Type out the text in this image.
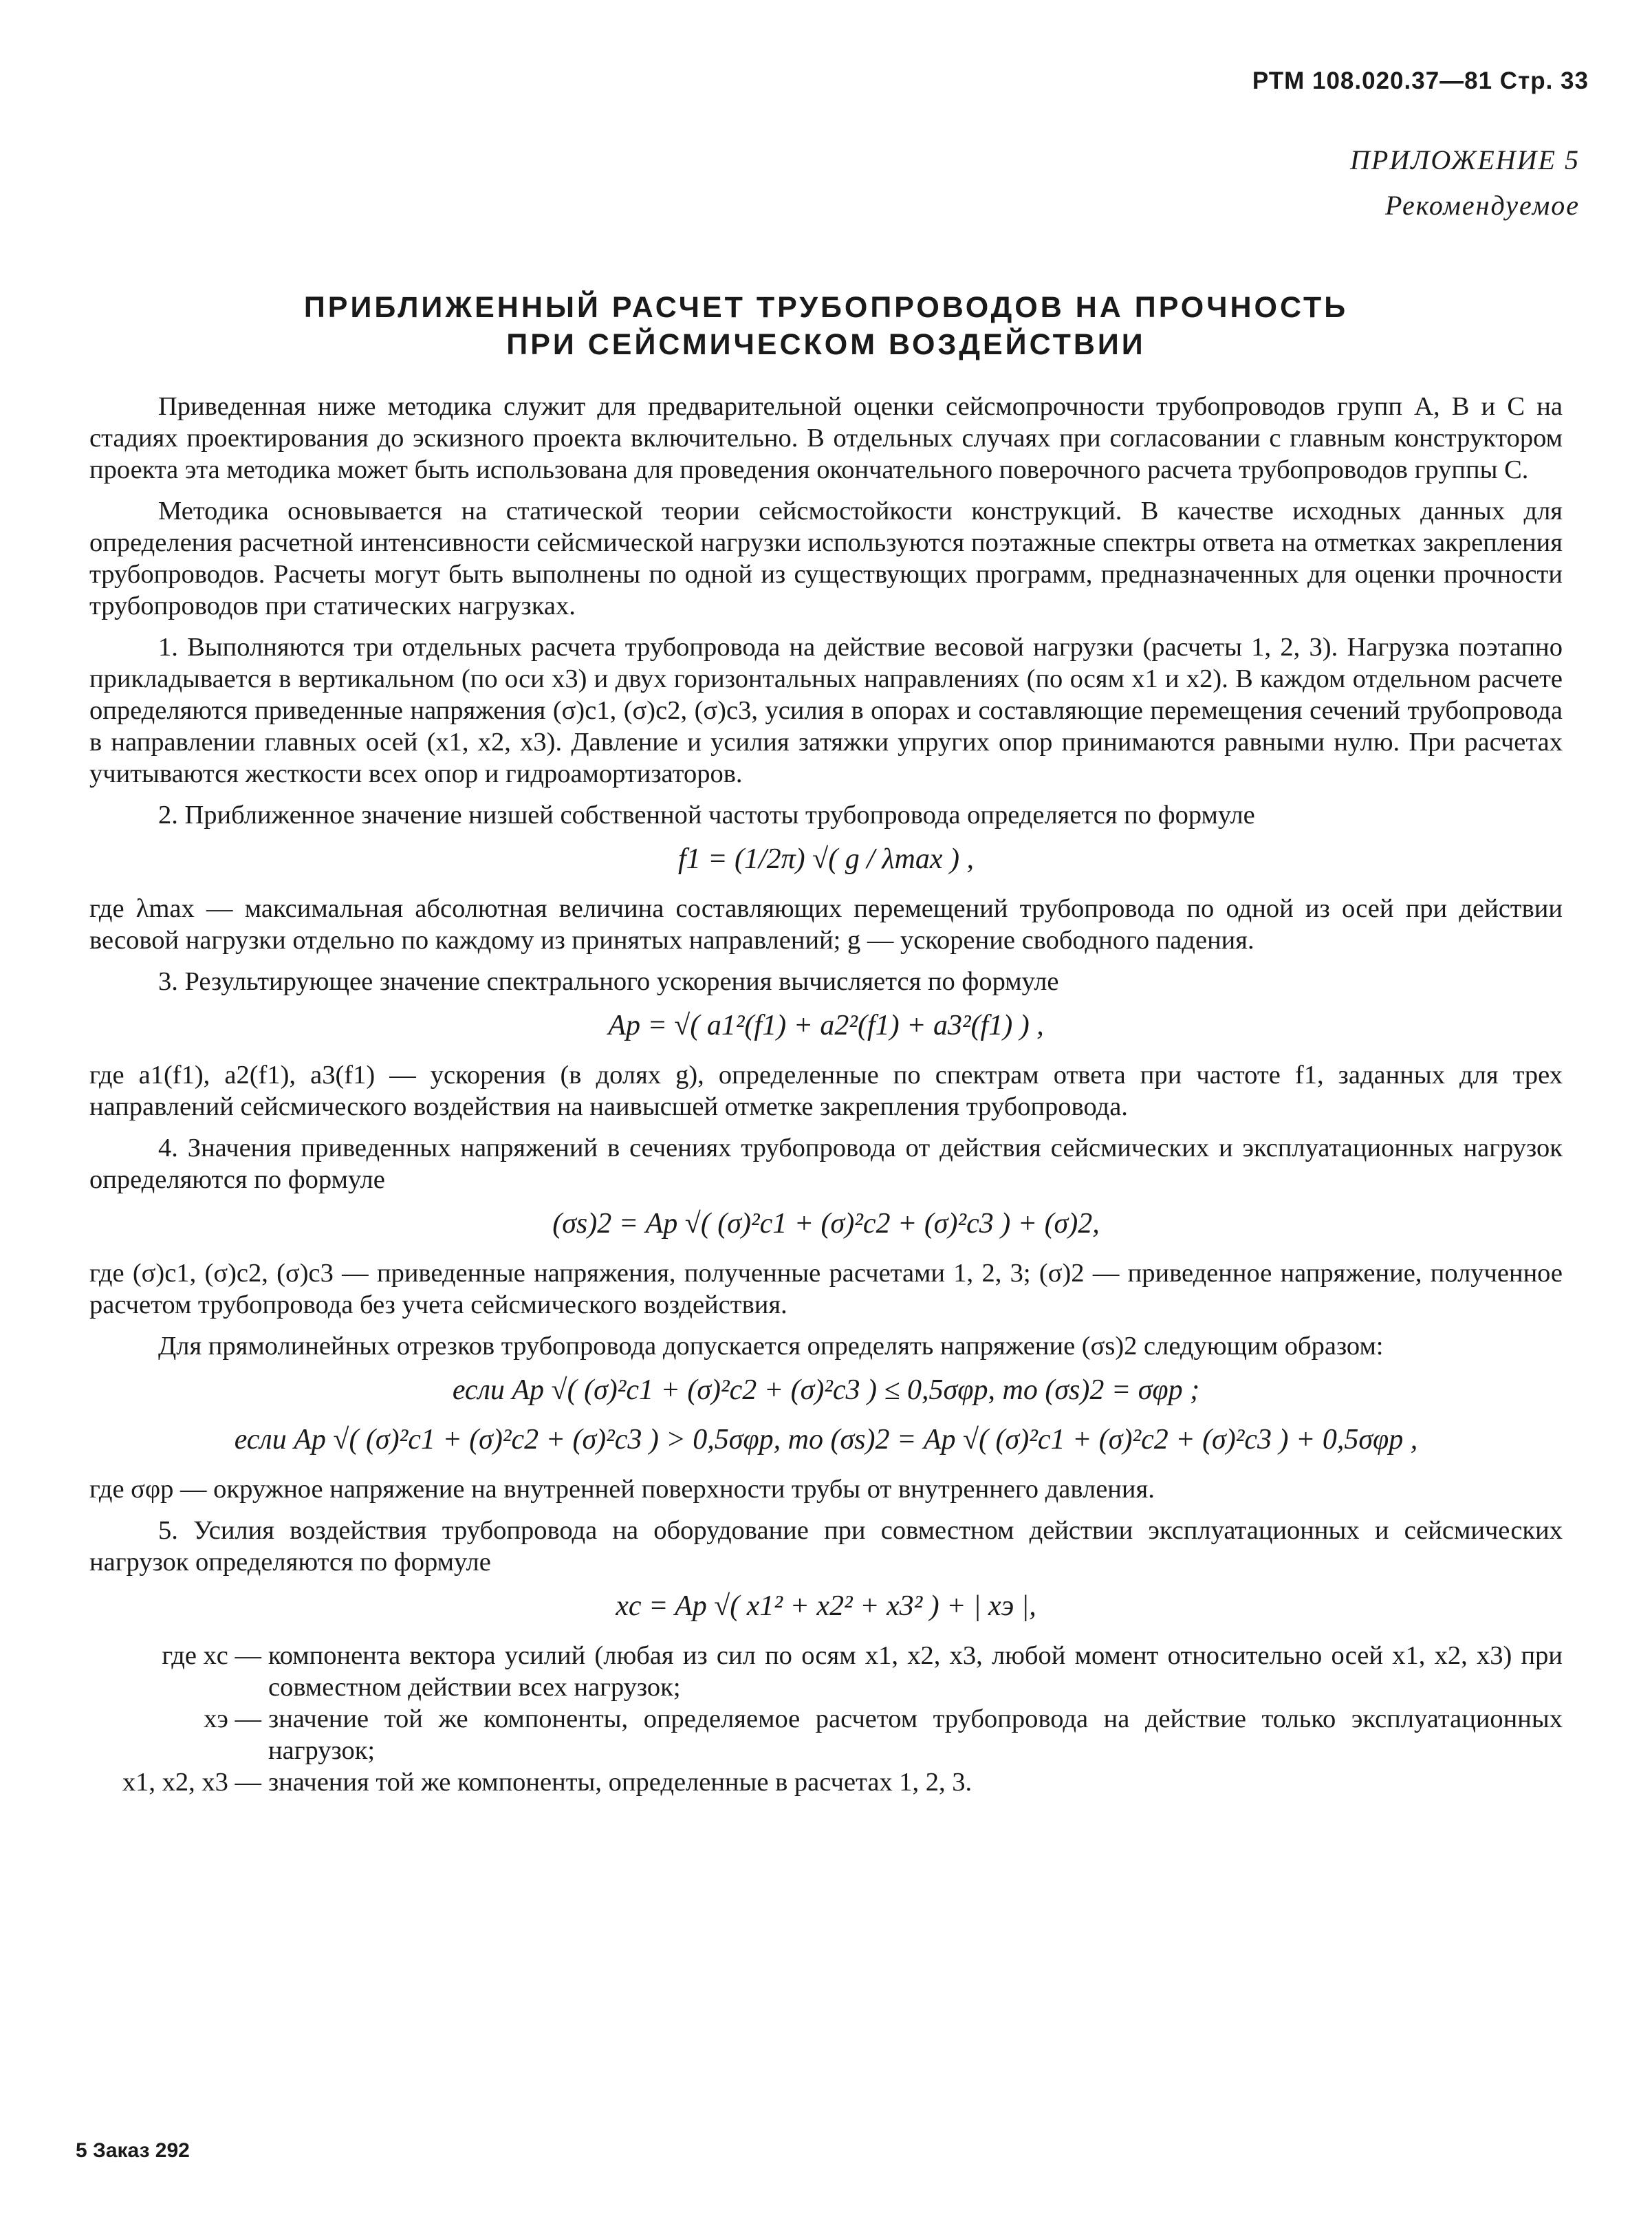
РТМ 108.020.37—81 Стр. 33
ПРИЛОЖЕНИЕ 5
Рекомендуемое
ПРИБЛИЖЕННЫЙ РАСЧЕТ ТРУБОПРОВОДОВ НА ПРОЧНОСТЬ
ПРИ СЕЙСМИЧЕСКОМ ВОЗДЕЙСТВИИ

Приведенная ниже методика служит для предварительной оценки сейсмопрочности трубопроводов групп А, В и С на стадиях проектирования до эскизного проекта включительно. В отдельных случаях при согласовании с главным конструктором проекта эта методика может быть использована для проведения окончательного поверочного расчета трубопроводов группы С.

Методика основывается на статической теории сейсмостойкости конструкций. В качестве исходных данных для определения расчетной интенсивности сейсмической нагрузки используются поэтажные спектры ответа на отметках закрепления трубопроводов. Расчеты могут быть выполнены по одной из существующих программ, предназначенных для оценки прочности трубопроводов при статических нагрузках.

1. Выполняются три отдельных расчета трубопровода на действие весовой нагрузки (расчеты 1, 2, 3). Нагрузка поэтапно прикладывается в вертикальном (по оси x3) и двух горизонтальных направлениях (по осям x1 и x2). В каждом отдельном расчете определяются приведенные напряжения (σ)c1, (σ)c2, (σ)c3, усилия в опорах и составляющие перемещения сечений трубопровода в направлении главных осей (x1, x2, x3). Давление и усилия затяжки упругих опор принимаются равными нулю. При расчетах учитываются жесткости всех опор и гидроамортизаторов.

2. Приближенное значение низшей собственной частоты трубопровода определяется по формуле

f1 = (1/2π) √( g / λmax ) ,

где λmax — максимальная абсолютная величина составляющих перемещений трубопровода по одной из осей при действии весовой нагрузки отдельно по каждому из принятых направлений; g — ускорение свободного падения.

3. Результирующее значение спектрального ускорения вычисляется по формуле

Ap = √( a1²(f1) + a2²(f1) + a3²(f1) ) ,

где a1(f1), a2(f1), a3(f1) — ускорения (в долях g), определенные по спектрам ответа при частоте f1, заданных для трех направлений сейсмического воздействия на наивысшей отметке закрепления трубопровода.

4. Значения приведенных напряжений в сечениях трубопровода от действия сейсмических и эксплуатационных нагрузок определяются по формуле

(σs)2 = Ap √( (σ)²c1 + (σ)²c2 + (σ)²c3 ) + (σ)2,

где (σ)c1, (σ)c2, (σ)c3 — приведенные напряжения, полученные расчетами 1, 2, 3; (σ)2 — приведенное напряжение, полученное расчетом трубопровода без учета сейсмического воздействия.

Для прямолинейных отрезков трубопровода допускается определять напряжение (σs)2 следующим образом:

если Ap √( (σ)²c1 + (σ)²c2 + (σ)²c3 ) ≤ 0,5σφp, то (σs)2 = σφp ;
если Ap √( (σ)²c1 + (σ)²c2 + (σ)²c3 ) > 0,5σφp, то (σs)2 = Ap √( (σ)²c1 + (σ)²c2 + (σ)²c3 ) + 0,5σφp ,

где σφp — окружное напряжение на внутренней поверхности трубы от внутреннего давления.

5. Усилия воздействия трубопровода на оборудование при совместном действии эксплуатационных и сейсмических нагрузок определяются по формуле

xc = Ap √( x1² + x2² + x3² ) + | xэ |,
где xc — компонента вектора усилий (любая из сил по осям x1, x2, x3, любой момент относительно осей x1, x2, x3) при совместном действии всех нагрузок;
xэ — значение той же компоненты, определяемое расчетом трубопровода на действие только эксплуатационных нагрузок;
x1, x2, x3 — значения той же компоненты, определенные в расчетах 1, 2, 3.
5 Заказ 292
